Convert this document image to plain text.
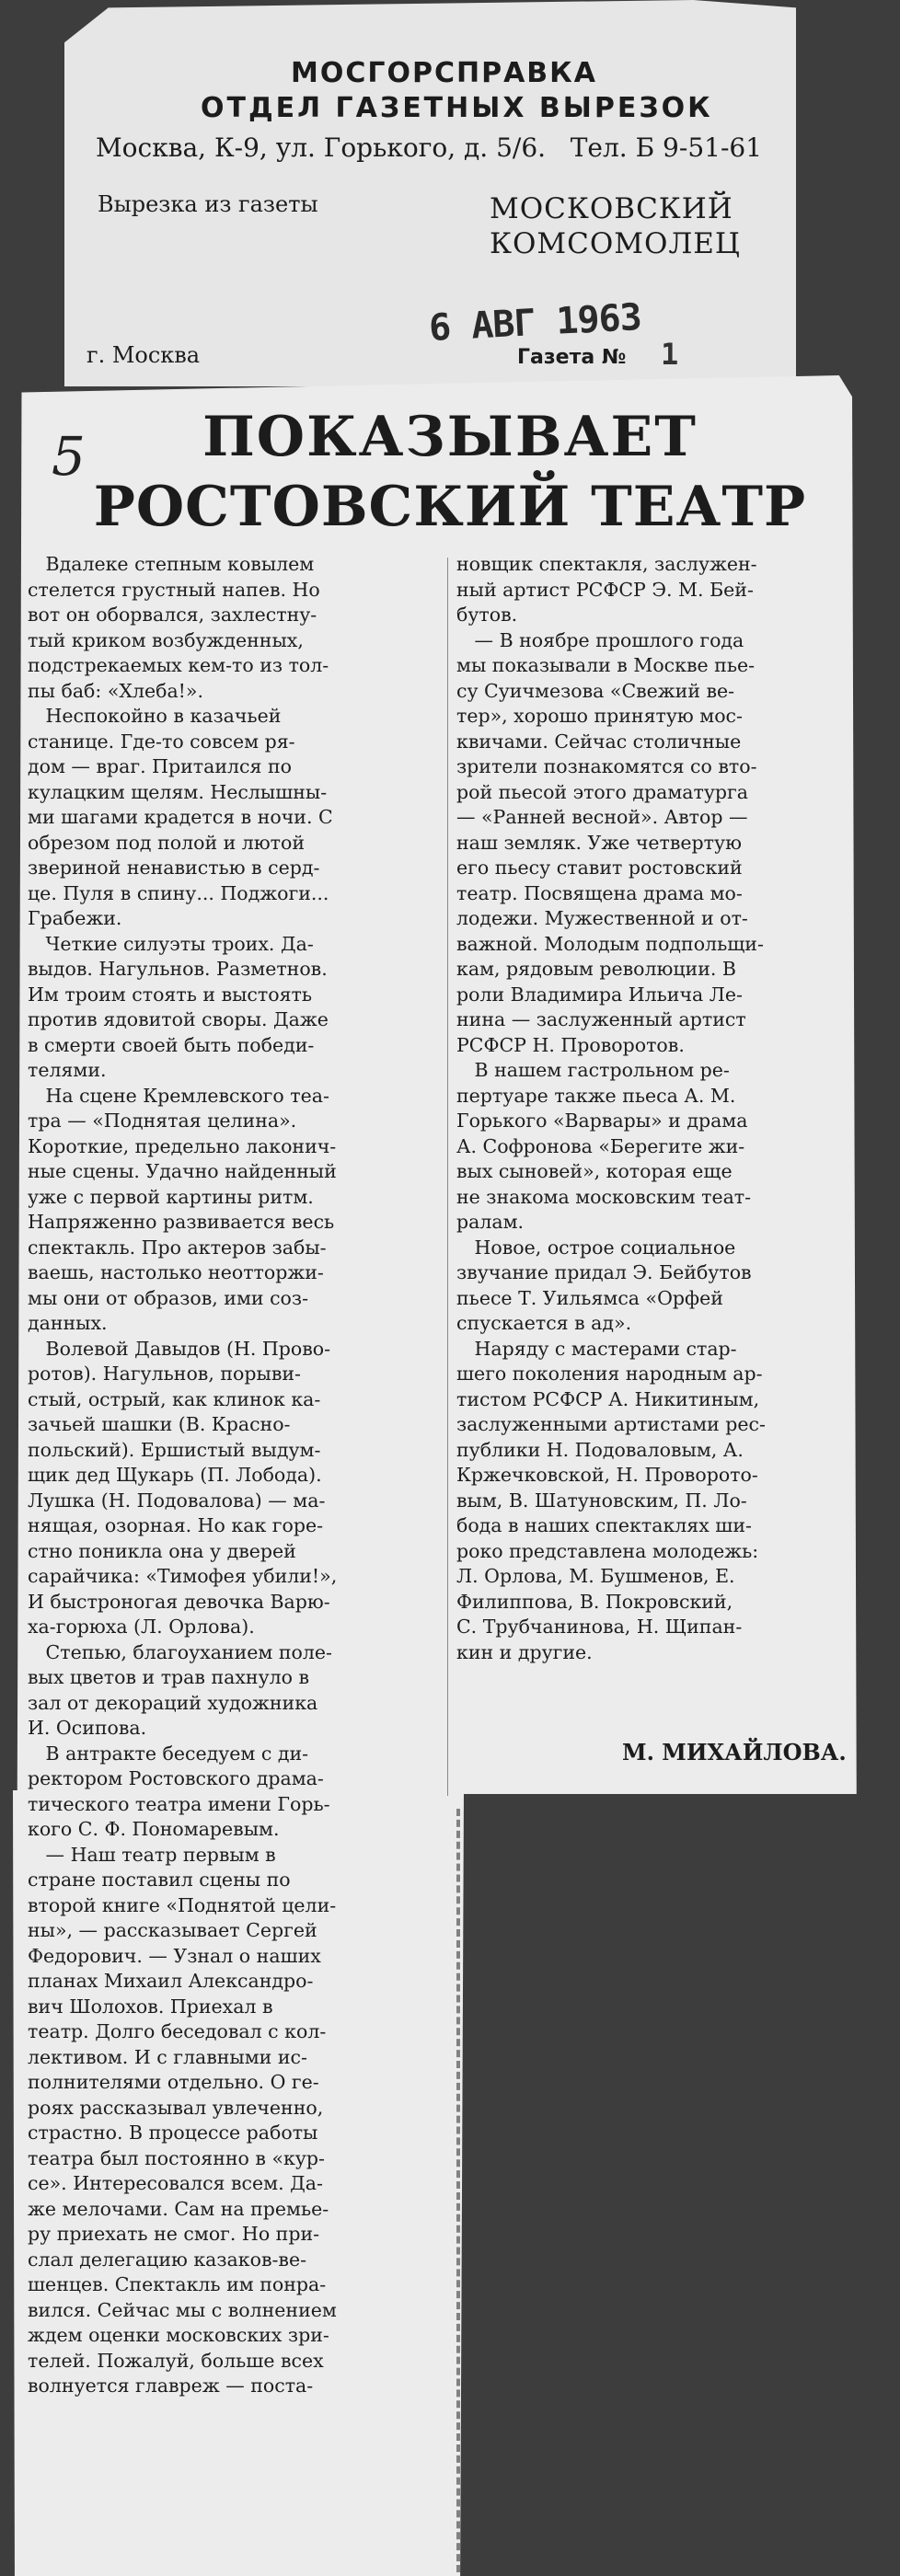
МОСГОРСПРАВКА
ОТДЕЛ ГАЗЕТНЫХ ВЫРЕЗОК
Москва, К-9, ул. Горького, д. 5/6.   Тел. Б 9-51-61
Вырезка из газеты	МОСКОВСКИЙ
КОМСОМОЛЕЦ
6 АВГ 1963
г. Москва	Газета № 1
5	ПОКАЗЫВАЕТ
РОСТОВСКИЙ ТЕАТР
Вдалеке степным ковылем
стелется грустный напев. Но
вот он оборвался, захлестну-
тый криком возбужденных,
подстрекаемых кем-то из тол-
пы баб: «Хлеба!».
Неспокойно в казачьей
станице. Где-то совсем ря-
дом — враг. Притаился по
кулацким щелям. Неслышны-
ми шагами крадется в ночи. С
обрезом под полой и лютой
звериной ненавистью в серд-
це. Пуля в спину... Поджоги...
Грабежи.
Четкие силуэты троих. Да-
выдов. Нагульнов. Разметнов.
Им троим стоять и выстоять
против ядовитой своры. Даже
в смерти своей быть победи-
телями.
На сцене Кремлевского теа-
тра — «Поднятая целина».
Короткие, предельно лаконич-
ные сцены. Удачно найденный
уже с первой картины ритм.
Напряженно развивается весь
спектакль. Про актеров забы-
ваешь, настолько неотторжи-
мы они от образов, ими соз-
данных.
Волевой Давыдов (Н. Прово-
ротов). Нагульнов, порыви-
стый, острый, как клинок ка-
зачьей шашки (В. Красно-
польский). Ершистый выдум-
щик дед Щукарь (П. Лобода).
Лушка (Н. Подовалова) — ма-
нящая, озорная. Но как горе-
стно поникла она у дверей
сарайчика: «Тимофея убили!»,
И быстроногая девочка Варю-
ха-горюха (Л. Орлова).
Степью, благоуханием поле-
вых цветов и трав пахнуло в
зал от декораций художника
И. Осипова.
В антракте беседуем с ди-
ректором Ростовского драма-
тического театра имени Горь-
кого С. Ф. Пономаревым.
— Наш театр первым в
стране поставил сцены по
второй книге «Поднятой цели-
ны», — рассказывает Сергей
Федорович. — Узнал о наших
планах Михаил Александро-
вич Шолохов. Приехал в
театр. Долго беседовал с кол-
лективом. И с главными ис-
полнителями отдельно. О ге-
роях рассказывал увлеченно,
страстно. В процессе работы
театра был постоянно в «кур-
се». Интересовался всем. Да-
же мелочами. Сам на премье-
ру приехать не смог. Но при-
слал делегацию казаков-ве-
шенцев. Спектакль им понра-
вился. Сейчас мы с волнением
ждем оценки московских зри-
телей. Пожалуй, больше всех
волнуется главреж — поста-
новщик спектакля, заслужен-
ный артист РСФСР Э. М. Бей-
бутов.
— В ноябре прошлого года
мы показывали в Москве пье-
су Суичмезова «Свежий ве-
тер», хорошо принятую мос-
квичами. Сейчас столичные
зрители познакомятся со вто-
рой пьесой этого драматурга
— «Ранней весной». Автор —
наш земляк. Уже четвертую
его пьесу ставит ростовский
театр. Посвящена драма мо-
лодежи. Мужественной и от-
важной. Молодым подпольщи-
кам, рядовым революции. В
роли Владимира Ильича Ле-
нина — заслуженный артист
РСФСР Н. Проворотов.
В нашем гастрольном ре-
пертуаре также пьеса А. М.
Горького «Варвары» и драма
А. Софронова «Берегите жи-
вых сыновей», которая еще
не знакома московским теат-
ралам.
Новое, острое социальное
звучание придал Э. Бейбутов
пьесе Т. Уильямса «Орфей
спускается в ад».
Наряду с мастерами стар-
шего поколения народным ар-
тистом РСФСР А. Никитиным,
заслуженными артистами рес-
публики Н. Подоваловым, А.
Кржечковской, Н. Проворото-
вым, В. Шатуновским, П. Ло-
бода в наших спектаклях ши-
роко представлена молодежь:
Л. Орлова, М. Бушменов, Е.
Филиппова, В. Покровский,
С. Трубчанинова, Н. Щипан-
кин и другие.
М. МИХАЙЛОВА.
